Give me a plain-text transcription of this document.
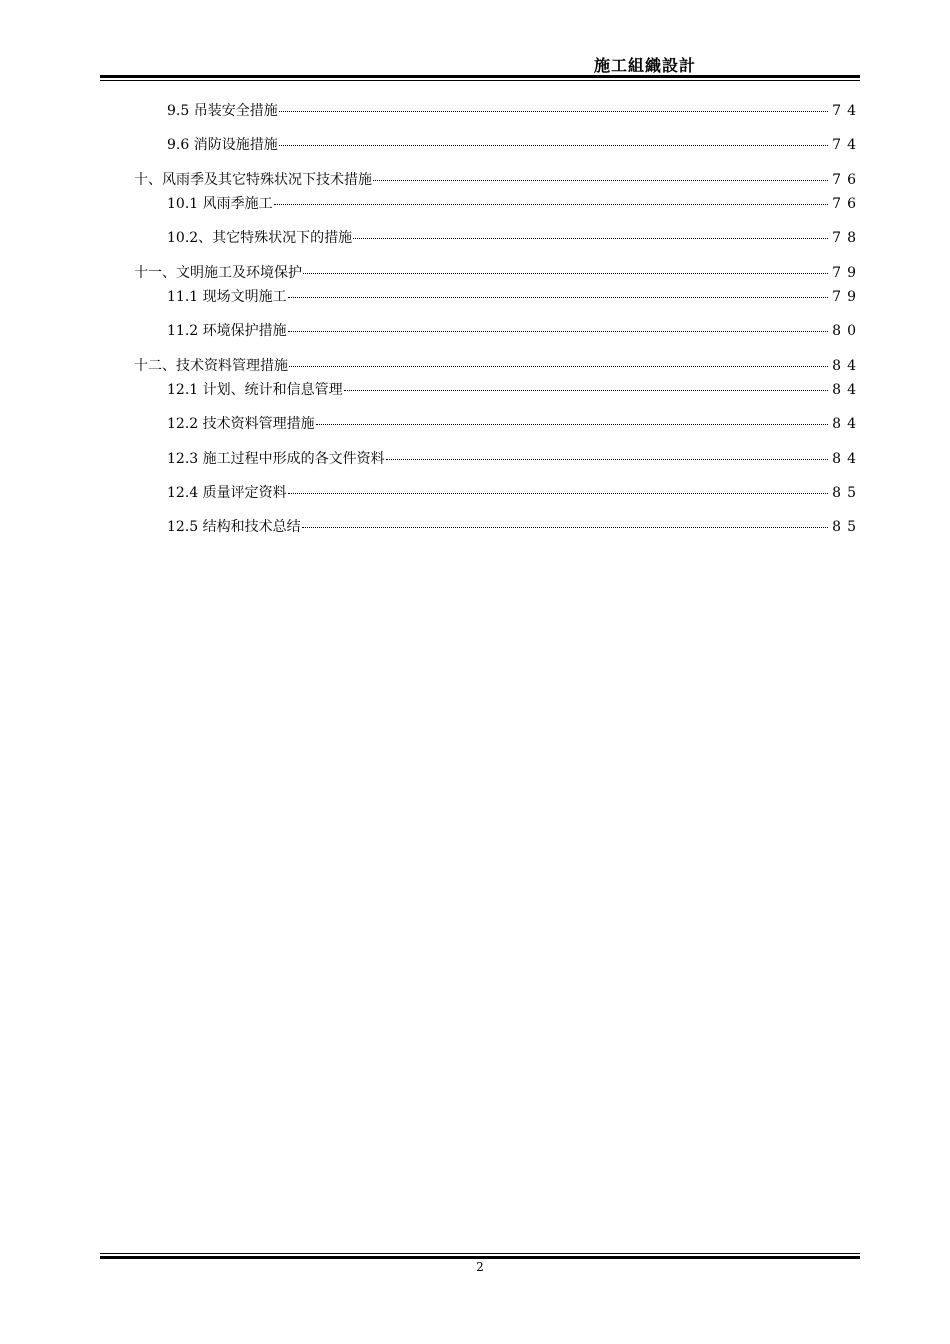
施工組織設計
9.5 吊装安全措施	74
9.6 消防设施措施	74
十、风雨季及其它特殊状况下技术措施	76
10.1 风雨季施工	76
10.2、其它特殊状况下的措施	78
十一、文明施工及环境保护	79
11.1 现场文明施工	79
11.2 环境保护措施	80
十二、技术资料管理措施	84
12.1 计划、统计和信息管理	84
12.2 技术资料管理措施	84
12.3 施工过程中形成的各文件资料	84
12.4 质量评定资料	85
12.5 结构和技术总结	85
2
